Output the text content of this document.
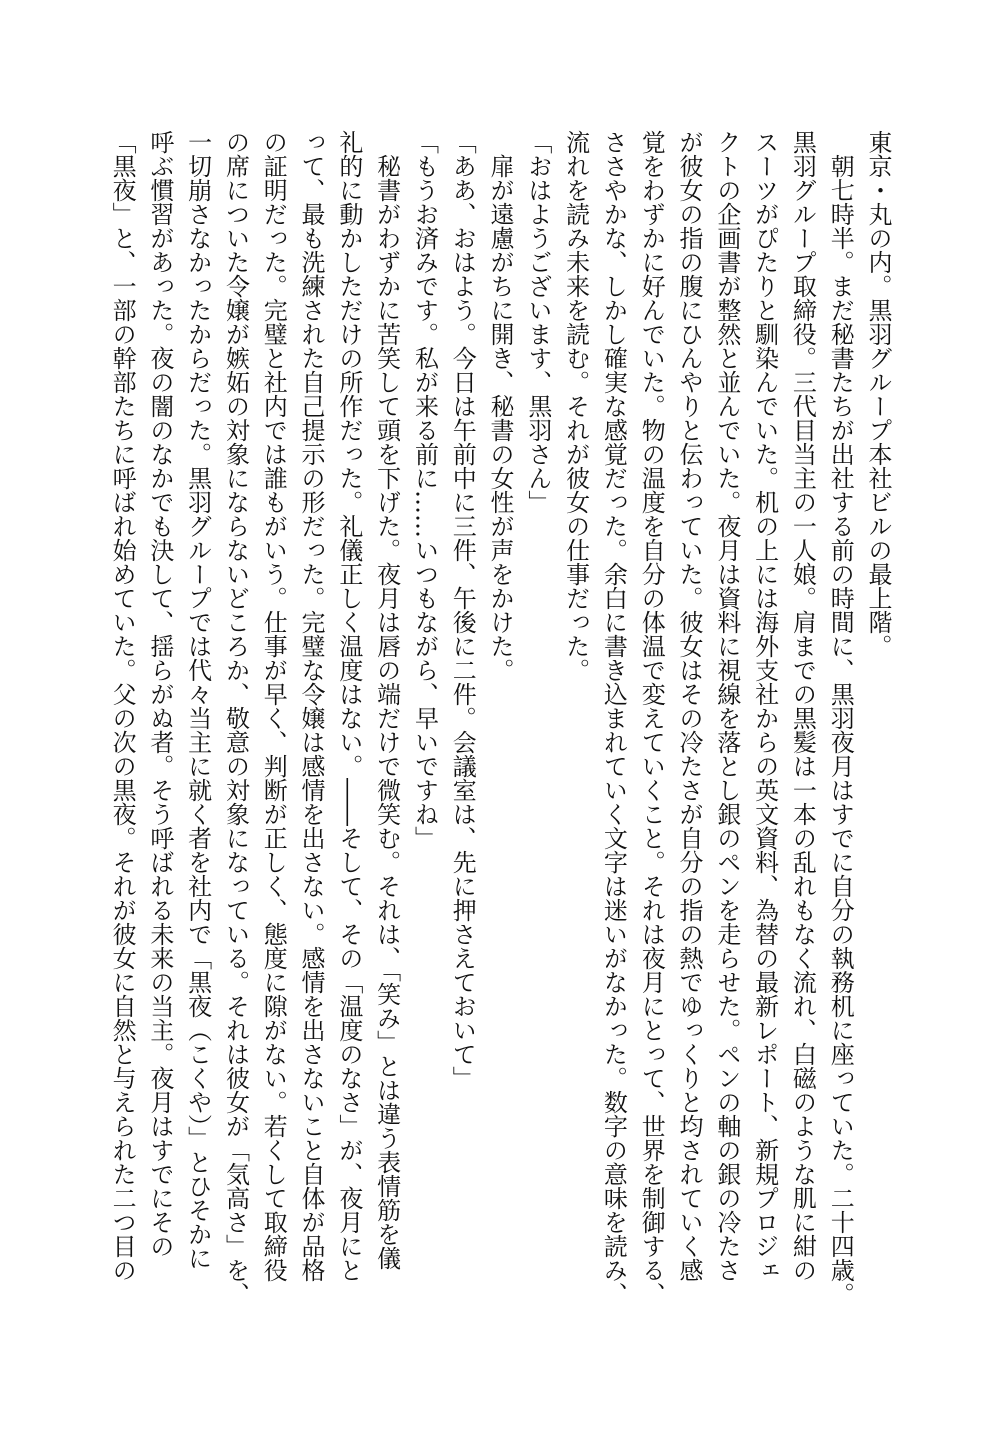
東京・丸の内。黒羽グループ本社ビルの最上階。

　朝七時半。まだ秘書たちが出社する前の時間に、黒羽夜月はすでに自分の執務机に座っていた。二十四歳。

黒羽グループ取締役。三代目当主の一人娘。肩までの黒髪は一本の乱れもなく流れ、白磁のような肌に紺の

スーツがぴたりと馴染んでいた。机の上には海外支社からの英文資料、為替の最新レポート、新規プロジェ

クトの企画書が整然と並んでいた。夜月は資料に視線を落とし銀のペンを走らせた。ペンの軸の銀の冷たさ

が彼女の指の腹にひんやりと伝わっていた。彼女はその冷たさが自分の指の熱でゆっくりと均されていく感

覚をわずかに好んでいた。物の温度を自分の体温で変えていくこと。それは夜月にとって、世界を制御する、

ささやかな、しかし確実な感覚だった。余白に書き込まれていく文字は迷いがなかった。数字の意味を読み、

流れを読み未来を読む。それが彼女の仕事だった。

「おはようございます、黒羽さん」

　扉が遠慮がちに開き、秘書の女性が声をかけた。

「ああ、おはよう。今日は午前中に三件、午後に二件。会議室は、先に押さえておいて」

「もうお済みです。私が来る前に……いつもながら、早いですね」

　秘書がわずかに苦笑して頭を下げた。夜月は唇の端だけで微笑む。それは、「笑み」とは違う表情筋を儀

礼的に動かしただけの所作だった。礼儀正しく温度はない。――そして、その「温度のなさ」が、夜月にと

って、最も洗練された自己提示の形だった。完璧な令嬢は感情を出さない。感情を出さないこと自体が品格

の証明だった。完璧と社内では誰もがいう。仕事が早く、判断が正しく、態度に隙がない。若くして取締役

の席についた令嬢が嫉妬の対象にならないどころか、敬意の対象になっている。それは彼女が「気高さ」を、

一切崩さなかったからだった。黒羽グループでは代々当主に就く者を社内で「黒夜（こくや）」とひそかに

呼ぶ慣習があった。夜の闇のなかでも決して、揺らがぬ者。そう呼ばれる未来の当主。夜月はすでにその

「黒夜」と、一部の幹部たちに呼ばれ始めていた。父の次の黒夜。それが彼女に自然と与えられた二つ目の
